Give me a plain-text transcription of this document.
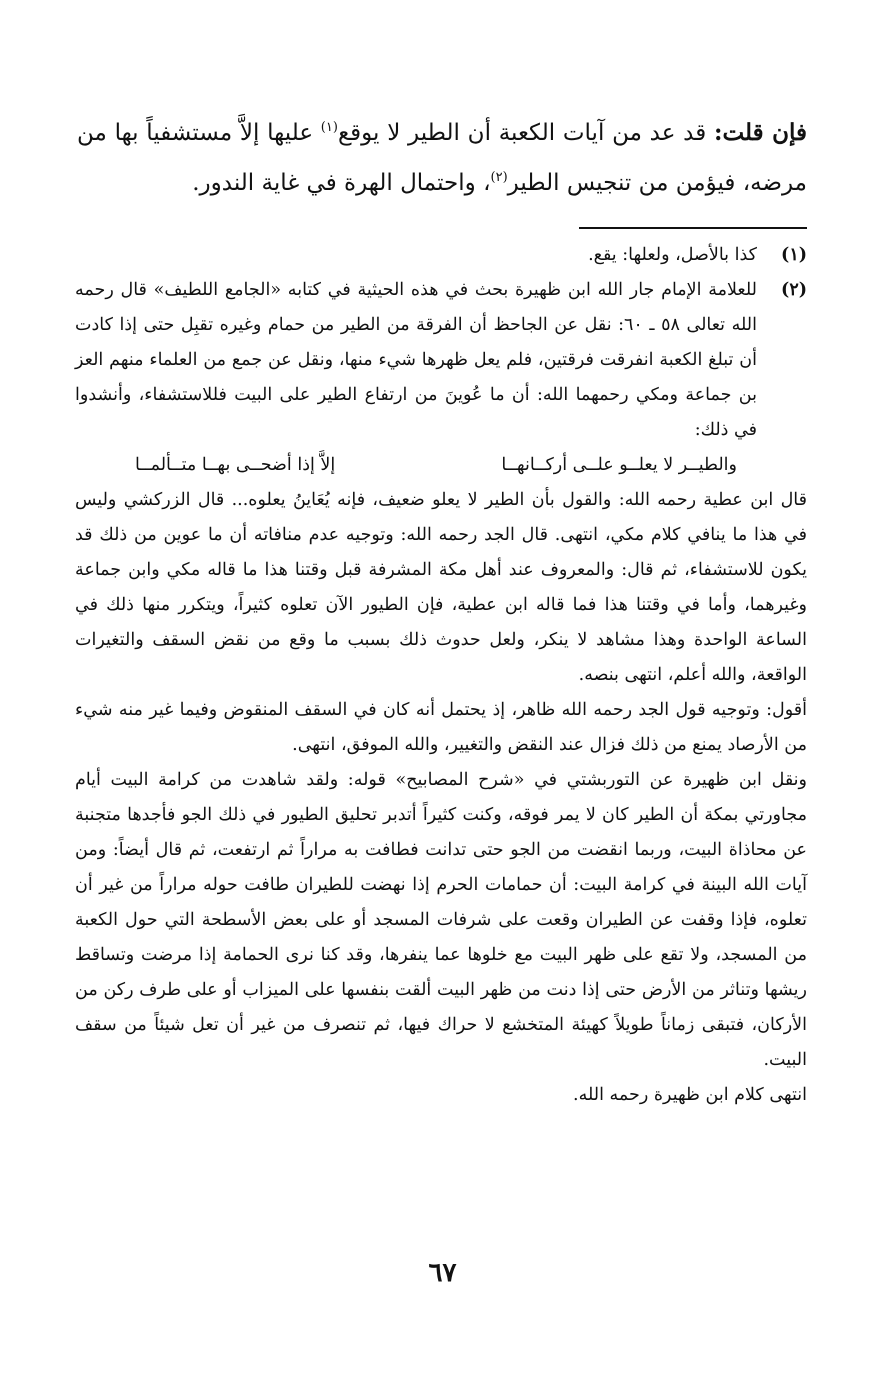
فإن قلت: قد عد من آيات الكعبة أن الطير لا يوقع$^{(١)}$ عليها إلاَّ مستشفياً بها من مرضه، فيؤمن من تنجيس الطير$^{(٢)}$، واحتمال الهرة في غاية الندور.
(١)
كذا بالأصل، ولعلها: يقع.
(٢)

للعلامة الإمام جار الله ابن ظهيرة بحث في هذه الحيثية في كتابه «الجامع اللطيف» قال رحمه الله تعالى ٥٨ ـ ٦٠: نقل عن الجاحظ أن الفرقة من الطير من حمام وغيره تقبِل حتى إذا كادت أن تبلغ الكعبة انفرقت فرقتين، فلم يعل ظهرها شيء منها، ونقل عن جمع من العلماء منهم العز بن جماعة ومكي رحمهما الله: أن ما عُوينَ من ارتفاع الطير على البيت فللاستشفاء، وأنشدوا في ذلك:

والطيــر لا يعلــو علــى أركــانهــا
إلاَّ إذا أضحــى بهــا متــألمــا

قال ابن عطية رحمه الله: والقول بأن الطير لا يعلو ضعيف، فإنه يُعَاينُ يعلوه... قال الزركشي وليس في هذا ما ينافي كلام مكي، انتهى. قال الجد رحمه الله: وتوجيه عدم منافاته أن ما عوين من ذلك قد يكون للاستشفاء، ثم قال: والمعروف عند أهل مكة المشرفة قبل وقتنا هذا ما قاله مكي وابن جماعة وغيرهما، وأما في وقتنا هذا فما قاله ابن عطية، فإن الطيور الآن تعلوه كثيراً، ويتكرر منها ذلك في الساعة الواحدة وهذا مشاهد لا ينكر، ولعل حدوث ذلك بسبب ما وقع من نقض السقف والتغيرات الواقعة، والله أعلم، انتهى بنصه.

أقول: وتوجيه قول الجد رحمه الله ظاهر، إذ يحتمل أنه كان في السقف المنقوض وفيما غير منه شيء من الأرصاد يمنع من ذلك فزال عند النقض والتغيير، والله الموفق، انتهى.

ونقل ابن ظهيرة عن التوربشتي في «شرح المصابيح» قوله: ولقد شاهدت من كرامة البيت أيام مجاورتي بمكة أن الطير كان لا يمر فوقه، وكنت كثيراً أتدبر تحليق الطيور في ذلك الجو فأجدها متجنبة عن محاذاة البيت، وربما انقضت من الجو حتى تدانت فطافت به مراراً ثم ارتفعت، ثم قال أيضاً: ومن آيات الله البينة في كرامة البيت: أن حمامات الحرم إذا نهضت للطيران طافت حوله مراراً من غير أن تعلوه، فإذا وقفت عن الطيران وقعت على شرفات المسجد أو على بعض الأسطحة التي حول الكعبة من المسجد، ولا تقع على ظهر البيت مع خلوها عما ينفرها، وقد كنا نرى الحمامة إذا مرضت وتساقط ريشها وتناثر من الأرض حتى إذا دنت من ظهر البيت ألقت بنفسها على الميزاب أو على طرف ركن من الأركان، فتبقى زماناً طويلاً كهيئة المتخشع لا حراك فيها، ثم تنصرف من غير أن تعل شيئاً من سقف البيت.

انتهى كلام ابن ظهيرة رحمه الله.

٦٧
